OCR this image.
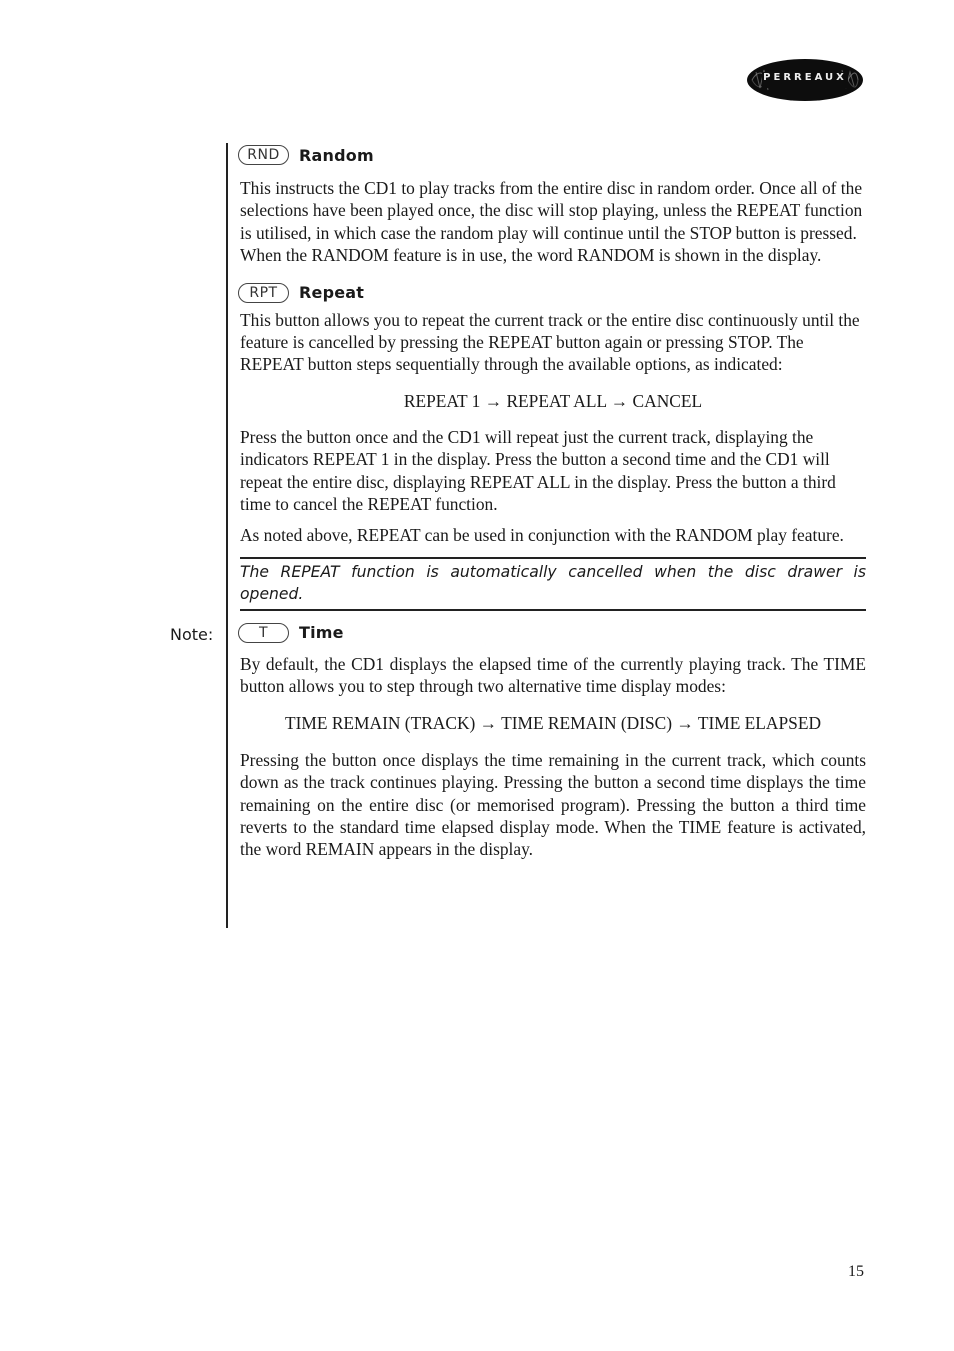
PERREAUX
Note:
RND	Random

This instructs the CD1 to play tracks from the entire disc in random order. Once all of the selections have been played once, the disc will stop playing, unless the REPEAT function is utilised, in which case the random play will continue until the STOP button is pressed. When the RANDOM feature is in use, the word RANDOM is shown in the display.

RPT	Repeat

This button allows you to repeat the current track or the entire disc continuously until the feature is cancelled by pressing the REPEAT button again or pressing STOP. The REPEAT button steps sequentially through the available options, as indicated:

REPEAT 1 → REPEAT ALL → CANCEL

Press the button once and the CD1 will repeat just the current track, displaying the indicators REPEAT 1 in the display. Press the button a second time and the CD1 will repeat the entire disc, displaying REPEAT ALL in the display. Press the button a third time to cancel the REPEAT function.

As noted above, REPEAT can be used in conjunction with the RANDOM play feature.

The REPEAT function is automatically cancelled when the disc drawer is opened.
T	Time

By default, the CD1 displays the elapsed time of the currently playing track. The TIME button allows you to step through two alternative time display modes:

TIME REMAIN (TRACK) → TIME REMAIN (DISC) → TIME ELAPSED

Pressing the button once displays the time remaining in the current track, which counts down as the track continues playing. Pressing the button a second time displays the time remaining on the entire disc (or memorised program). Pressing the button a third time reverts to the standard time elapsed display mode. When the TIME feature is activated, the word REMAIN appears in the display.

15
